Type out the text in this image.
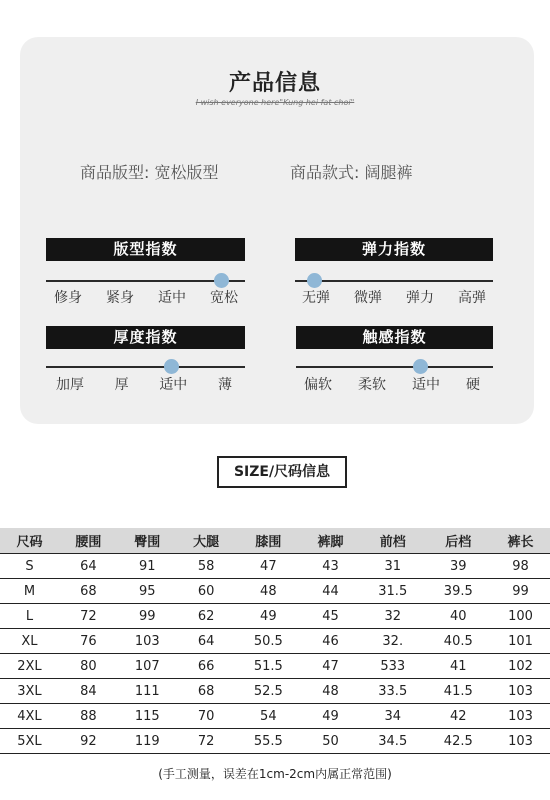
产品信息
I wish everyone here"Kung hei fat choi"
商品版型: 宽松版型	商品款式: 阔腿裤
版型指数
修身 紧身 适中 宽松
弹力指数
无弹 微弹 弹力 高弹
厚度指数
加厚 厚 适中 薄
触感指数
偏软 柔软 适中 硬
SIZE/尺码信息
尺码	腰围	臀围	大腿	膝围	裤脚	前档	后档	裤长
S	64	91	58	47	43	31	39	98
M	68	95	60	48	44	31.5	39.5	99
L	72	99	62	49	45	32	40	100
XL	76	103	64	50.5	46	32.	40.5	101
2XL	80	107	66	51.5	47	533	41	102
3XL	84	111	68	52.5	48	33.5	41.5	103
4XL	88	115	70	54	49	34	42	103
5XL	92	119	72	55.5	50	34.5	42.5	103
(手工测量，误差在1cm-2cm内属正常范围)
